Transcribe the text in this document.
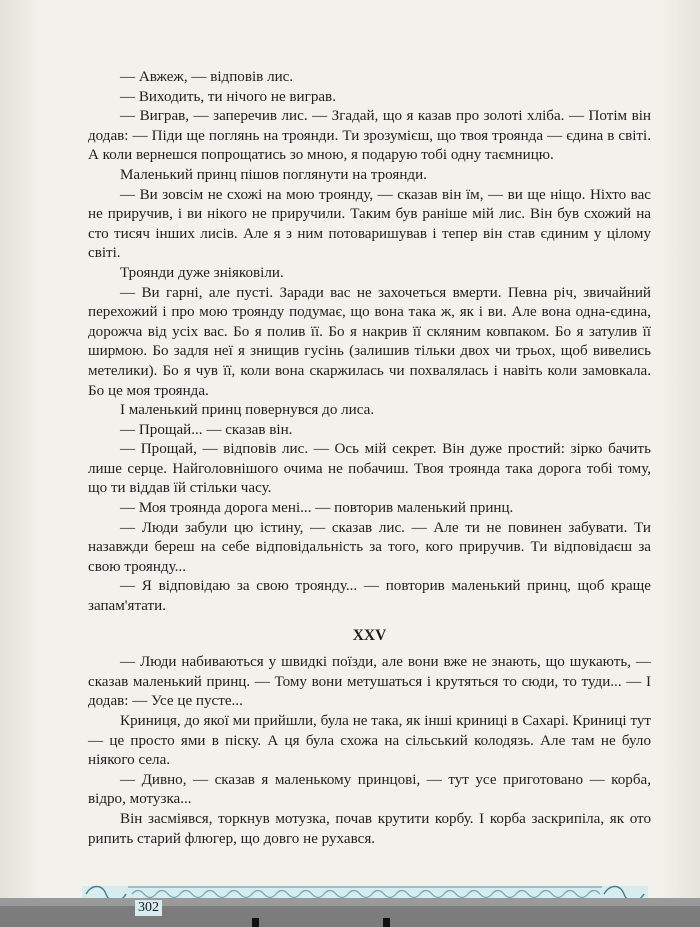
— Авжеж, — відповів лис.

— Виходить, ти нічого не виграв.

— Виграв, — заперечив лис. — Згадай, що я казав про золоті хліба. — Потім він додав: — Піди ще поглянь на троянди. Ти зрозумієш, що твоя троянда — єдина в світі. А коли вернешся попрощатись зо мною, я подарую тобі одну таємницю.

Маленький принц пішов поглянути на троянди.

— Ви зовсім не схожі на мою троянду, — сказав він їм, — ви ще ніщо. Ніхто вас не приручив, і ви нікого не приручили. Таким був раніше мій лис. Він був схожий на сто тисяч інших лисів. Але я з ним потоваришував і тепер він став єдиним у цілому світі.

Троянди дуже зніяковіли.

— Ви гарні, але пусті. Заради вас не захочеться вмерти. Певна річ, звичайний перехожий і про мою троянду подумає, що вона така ж, як і ви. Але вона одна-єдина, дорожча від усіх вас. Бо я полив її. Бо я накрив її скляним ковпаком. Бо я затулив її ширмою. Бо задля неї я знищив гусінь (залишив тільки двох чи трьох, щоб вивелись метелики). Бо я чув її, коли вона скаржилась чи похвалялась і навіть коли замовкала. Бо це моя троянда.

І маленький принц повернувся до лиса.

— Прощай... — сказав він.

— Прощай, — відповів лис. — Ось мій секрет. Він дуже простий: зірко бачить лише серце. Найголовнішого очима не побачиш. Твоя троянда така дорога тобі тому, що ти віддав їй стільки часу.

— Моя троянда дорога мені... — повторив маленький принц.

— Люди забули цю істину, — сказав лис. — Але ти не повинен забувати. Ти назавжди береш на себе відповідальність за того, кого приручив. Ти відповідаєш за свою троянду...

— Я відповідаю за свою троянду... — повторив маленький принц, щоб краще запам'ятати.

XXV

— Люди набиваються у швидкі поїзди, але вони вже не знають, що шукають, — сказав маленький принц. — Тому вони метушаться і крутяться то сюди, то туди... — І додав: — Усе це пусте...

Криниця, до якої ми прийшли, була не така, як інші криниці в Сахарі. Криниці тут — це просто ями в піску. А ця була схожа на сільський колодязь. Але там не було ніякого села.

— Дивно, — сказав я маленькому принцові, — тут усе приготовано — корба, відро, мотузка...

Він засміявся, торкнув мотузка, почав крутити корбу. І корба заскрипіла, як ото рипить старий флюгер, що довго не рухався.

302
